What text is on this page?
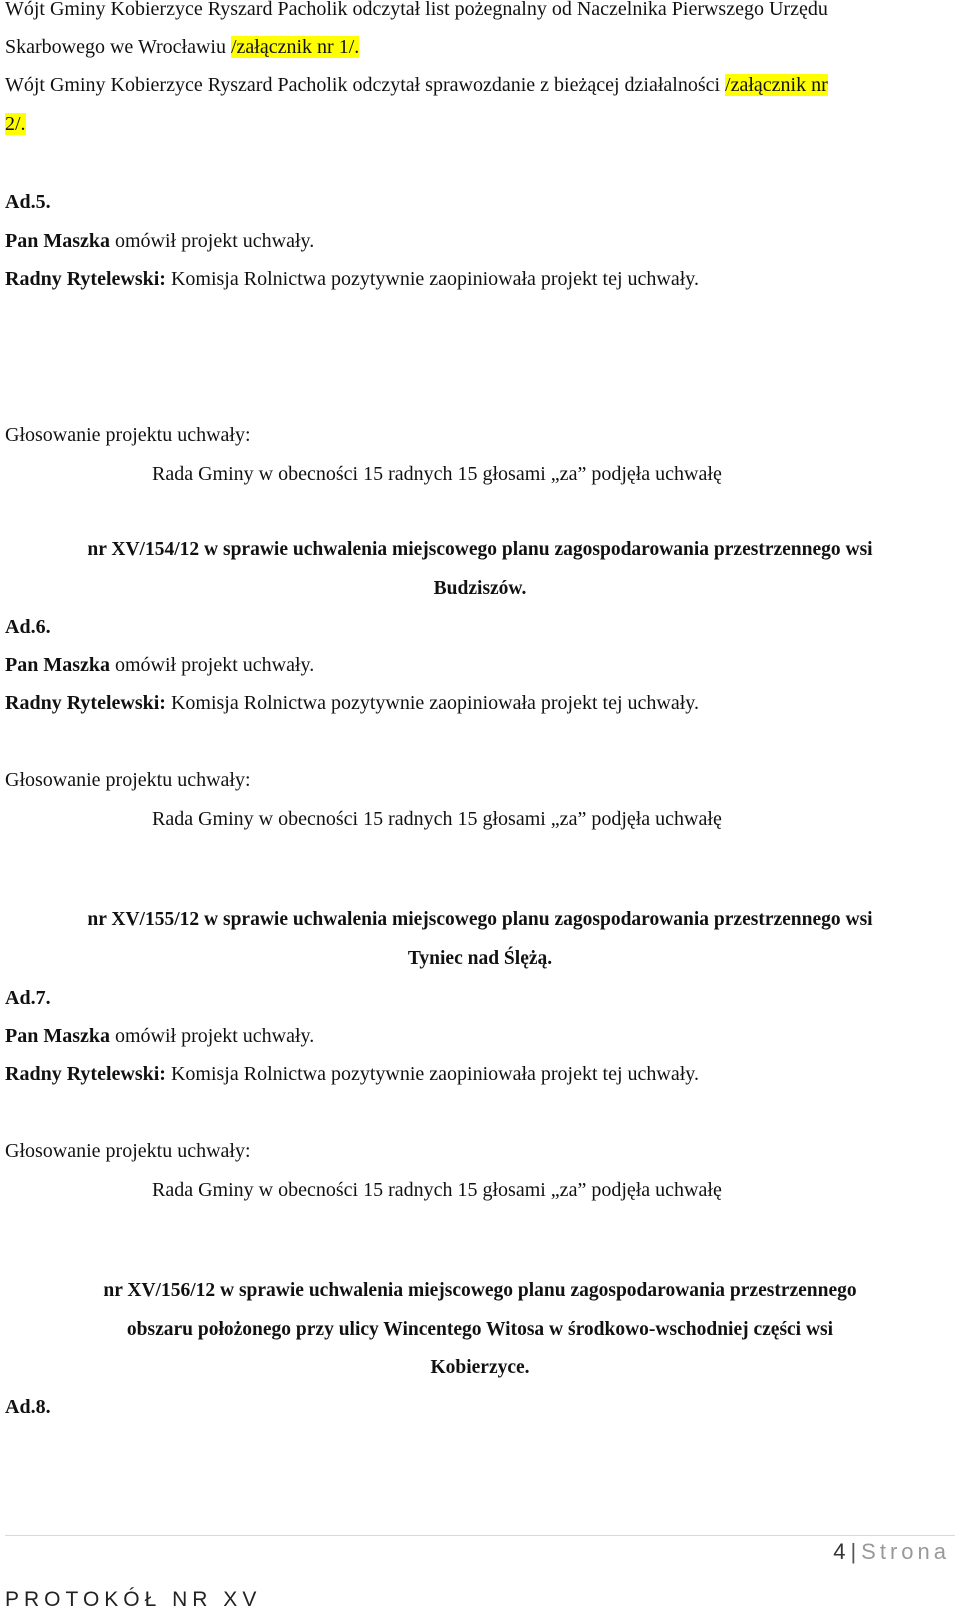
Wójt Gminy Kobierzyce Ryszard Pacholik odczytał list pożegnalny od Naczelnika Pierwszego Urzędu
Skarbowego we Wrocławiu /załącznik nr 1/.
Wójt Gminy Kobierzyce Ryszard Pacholik odczytał sprawozdanie z bieżącej działalności /załącznik nr
2/.
Ad.5.
Pan Maszka omówił projekt uchwały.
Radny Rytelewski: Komisja Rolnictwa pozytywnie zaopiniowała projekt tej uchwały.
Głosowanie projektu uchwały:
Rada Gminy w obecności 15 radnych 15 głosami „za” podjęła uchwałę
nr XV/154/12 w sprawie uchwalenia miejscowego planu zagospodarowania przestrzennego wsi
Budziszów.
Ad.6.
Pan Maszka omówił projekt uchwały.
Radny Rytelewski: Komisja Rolnictwa pozytywnie zaopiniowała projekt tej uchwały.
Głosowanie projektu uchwały:
Rada Gminy w obecności 15 radnych 15 głosami „za” podjęła uchwałę
nr XV/155/12 w sprawie uchwalenia miejscowego planu zagospodarowania przestrzennego wsi
Tyniec nad Ślężą.
Ad.7.
Pan Maszka omówił projekt uchwały.
Radny Rytelewski: Komisja Rolnictwa pozytywnie zaopiniowała projekt tej uchwały.
Głosowanie projektu uchwały:
Rada Gminy w obecności 15 radnych 15 głosami „za” podjęła uchwałę
nr XV/156/12 w sprawie uchwalenia miejscowego planu zagospodarowania przestrzennego
obszaru położonego przy ulicy Wincentego Witosa w środkowo-wschodniej części wsi
Kobierzyce.
Ad.8.
4 | Strona
PROTOKÓŁ NR XV
